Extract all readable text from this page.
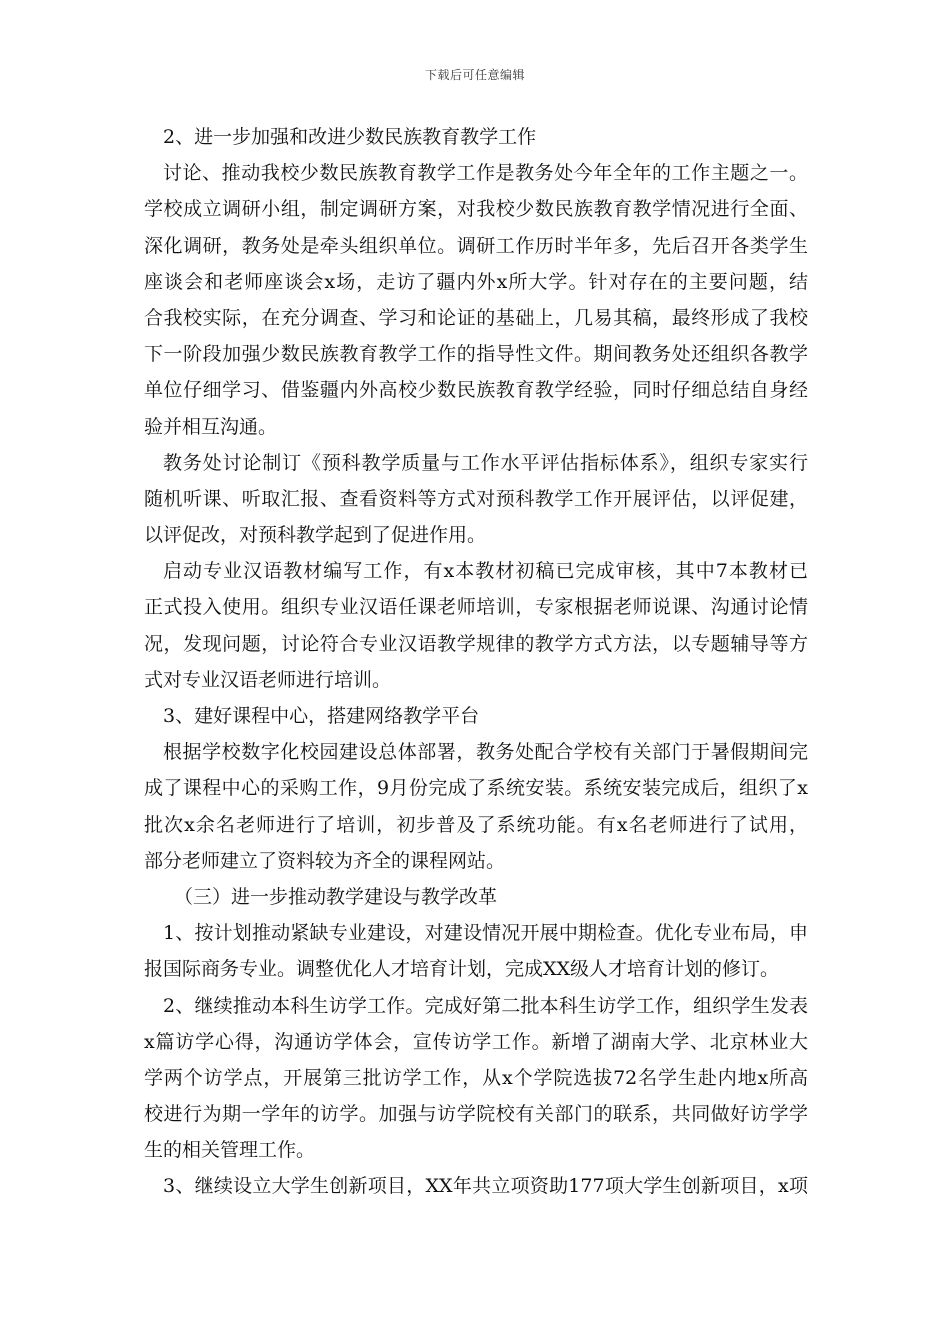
下载后可任意编辑
2、进一步加强和改进少数民族教育教学工作
讨论、推动我校少数民族教育教学工作是教务处今年全年的工作主题之一。
学校成立调研小组，制定调研方案，对我校少数民族教育教学情况进行全面、
深化调研，教务处是牵头组织单位。调研工作历时半年多，先后召开各类学生
座谈会和老师座谈会x场，走访了疆内外x所大学。针对存在的主要问题，结
合我校实际，在充分调查、学习和论证的基础上，几易其稿，最终形成了我校
下一阶段加强少数民族教育教学工作的指导性文件。期间教务处还组织各教学
单位仔细学习、借鉴疆内外高校少数民族教育教学经验，同时仔细总结自身经
验并相互沟通。
教务处讨论制订《预科教学质量与工作水平评估指标体系》，组织专家实行
随机听课、听取汇报、查看资料等方式对预科教学工作开展评估，以评促建，
以评促改，对预科教学起到了促进作用。
启动专业汉语教材编写工作，有x本教材初稿已完成审核，其中7本教材已
正式投入使用。组织专业汉语任课老师培训，专家根据老师说课、沟通讨论情
况，发现问题，讨论符合专业汉语教学规律的教学方式方法，以专题辅导等方
式对专业汉语老师进行培训。
3、建好课程中心，搭建网络教学平台
根据学校数字化校园建设总体部署，教务处配合学校有关部门于暑假期间完
成了课程中心的采购工作，9月份完成了系统安装。系统安装完成后，组织了x
批次x余名老师进行了培训，初步普及了系统功能。有x名老师进行了试用，
部分老师建立了资料较为齐全的课程网站。
（三）进一步推动教学建设与教学改革
1、按计划推动紧缺专业建设，对建设情况开展中期检查。优化专业布局，申
报国际商务专业。调整优化人才培育计划，完成XX级人才培育计划的修订。
2、继续推动本科生访学工作。完成好第二批本科生访学工作，组织学生发表
x篇访学心得，沟通访学体会，宣传访学工作。新增了湖南大学、北京林业大
学两个访学点，开展第三批访学工作，从x个学院选拔72名学生赴内地x所高
校进行为期一学年的访学。加强与访学院校有关部门的联系，共同做好访学学
生的相关管理工作。
3、继续设立大学生创新项目，XX年共立项资助177项大学生创新项目，x项
